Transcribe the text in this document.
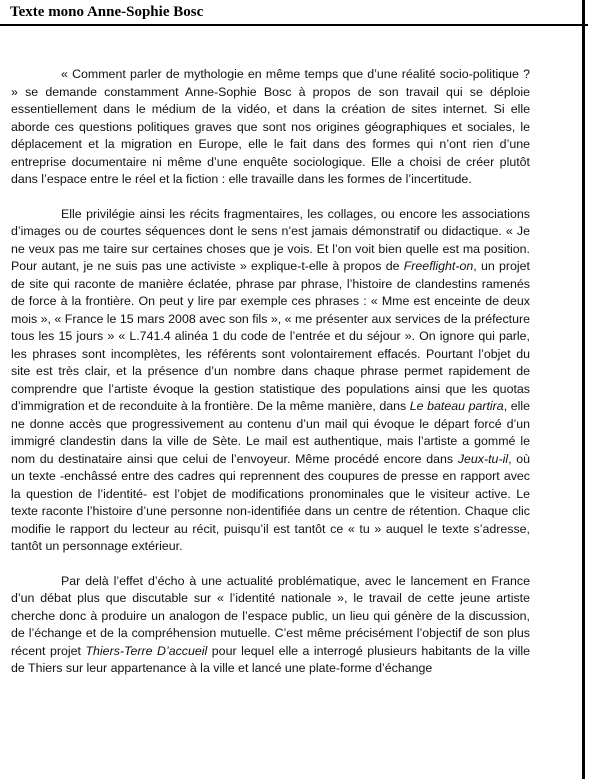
Texte mono Anne-Sophie Bosc

« Comment parler de mythologie en même temps que d’une réalité socio-politique ? » se demande constamment Anne-Sophie Bosc à propos de son travail qui se déploie essentiellement dans le médium de la vidéo, et dans la création de sites internet. Si elle aborde ces questions politiques graves que sont nos origines géographiques et sociales, le déplacement et la migration en Europe, elle le fait dans des formes qui n’ont rien d’une entreprise documentaire ni même d’une enquête sociologique. Elle a choisi de créer plutôt dans l’espace entre le réel et la fiction : elle travaille dans les formes de l’incertitude.

Elle privilégie ainsi les récits fragmentaires, les collages, ou encore les associations d’images ou de courtes séquences dont le sens n’est jamais démonstratif ou didactique. « Je ne veux pas me taire sur certaines choses que je vois. Et l’on voit bien quelle est ma position. Pour autant, je ne suis pas une activiste » explique-t-elle à propos de Freeflight-on, un projet de site qui raconte de manière éclatée, phrase par phrase, l’histoire de clandestins ramenés de force à la frontière. On peut y lire par exemple ces phrases : « Mme est enceinte de deux mois », « France le 15 mars 2008 avec son fils », « me présenter aux services de la préfecture tous les 15 jours » « L.741.4 alinéa 1 du code de l’entrée et du séjour ». On ignore qui parle, les phrases sont incomplètes, les référents sont volontairement effacés. Pourtant l’objet du site est très clair, et la présence d’un nombre dans chaque phrase permet rapidement de comprendre que l’artiste évoque la gestion statistique des populations ainsi que les quotas d’immigration et de reconduite à la frontière. De la même manière, dans Le bateau partira, elle ne donne accès que progressivement au contenu d’un mail qui évoque le départ forcé d’un immigré clandestin dans la ville de Sète. Le mail est authentique, mais l’artiste a gommé le nom du destinataire ainsi que celui de l’envoyeur. Même procédé encore dans Jeux-tu-il, où un texte -enchâssé entre des cadres qui reprennent des coupures de presse en rapport avec la question de l’identité- est l’objet de modifications pronominales que le visiteur active. Le texte raconte l’histoire d’une personne non-identifiée dans un centre de rétention. Chaque clic modifie le rapport du lecteur au récit, puisqu’il est tantôt ce « tu » auquel le texte s’adresse, tantôt un personnage extérieur.

Par delà l’effet d’écho à une actualité problématique, avec le lancement en France d’un débat plus que discutable sur « l’identité nationale », le travail de cette jeune artiste cherche donc à produire un analogon de l’espace public, un lieu qui génère de la discussion, de l’échange et de la compréhension mutuelle. C’est même précisément l’objectif de son plus récent projet Thiers-Terre D’accueil pour lequel elle a interrogé plusieurs habitants de la ville de Thiers sur leur appartenance à la ville et lancé une plate-forme d’échange
